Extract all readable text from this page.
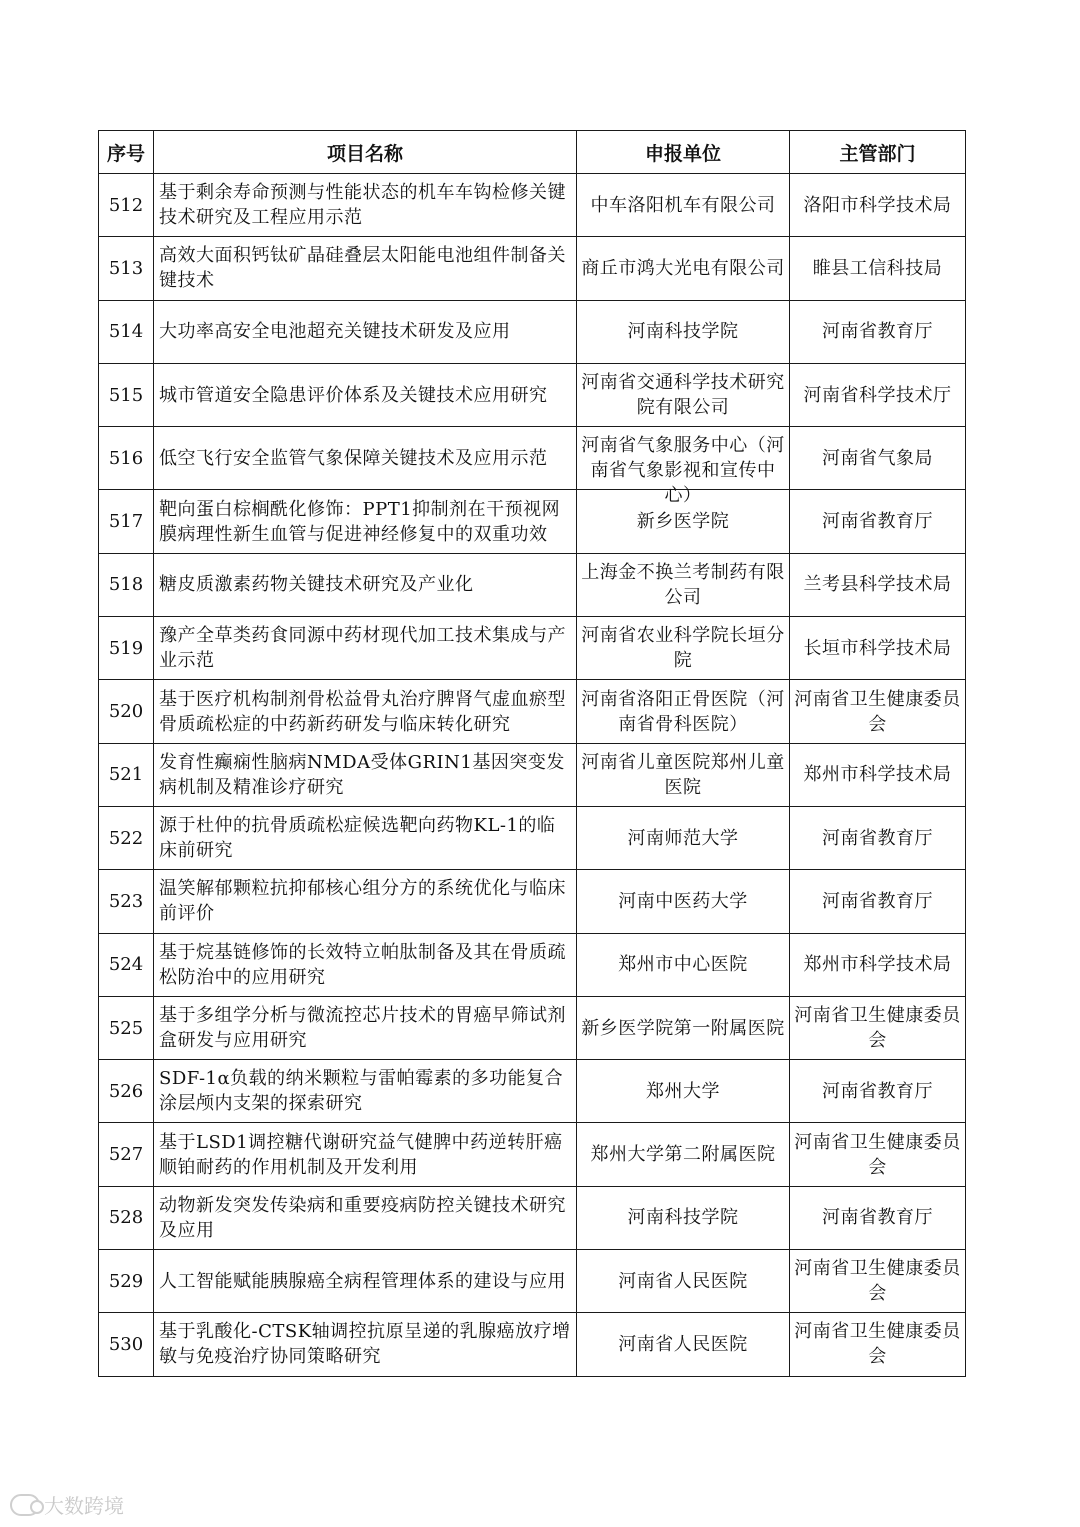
序号	项目名称	申报单位	主管部门
512	基于剩余寿命预测与性能状态的机车车钩检修关键技术研究及工程应用示范	中车洛阳机车有限公司	洛阳市科学技术局

513	高效大面积钙钛矿晶硅叠层太阳能电池组件制备关键技术	商丘市鸿大光电有限公司	睢县工信科技局

514	大功率高安全电池超充关键技术研发及应用	河南科技学院	河南省教育厅

515	城市管道安全隐患评价体系及关键技术应用研究	河南省交通科学技术研究院有限公司	河南省科学技术厅

516	低空飞行安全监管气象保障关键技术及应用示范	河南省气象服务中心（河南省气象影视和宣传中心）	河南省气象局

517	靶向蛋白棕榈酰化修饰：PPT1抑制剂在干预视网膜病理性新生血管与促进神经修复中的双重功效	新乡医学院	河南省教育厅

518	糖皮质激素药物关键技术研究及产业化	上海金不换兰考制药有限公司	兰考县科学技术局

519	豫产全草类药食同源中药材现代加工技术集成与产业示范	河南省农业科学院长垣分院	长垣市科学技术局

520	基于医疗机构制剂骨松益骨丸治疗脾肾气虚血瘀型骨质疏松症的中药新药研发与临床转化研究	河南省洛阳正骨医院（河南省骨科医院）	河南省卫生健康委员会

521	发育性癫痫性脑病NMDA受体GRIN1基因突变发病机制及精准诊疗研究	河南省儿童医院郑州儿童医院	郑州市科学技术局

522	源于杜仲的抗骨质疏松症候选靶向药物KL-1的临床前研究	河南师范大学	河南省教育厅

523	温笑解郁颗粒抗抑郁核心组分方的系统优化与临床前评价	河南中医药大学	河南省教育厅

524	基于烷基链修饰的长效特立帕肽制备及其在骨质疏松防治中的应用研究	郑州市中心医院	郑州市科学技术局

525	基于多组学分析与微流控芯片技术的胃癌早筛试剂盒研发与应用研究	新乡医学院第一附属医院	河南省卫生健康委员会

526	SDF-1α负载的纳米颗粒与雷帕霉素的多功能复合涂层颅内支架的探索研究	郑州大学	河南省教育厅

527	基于LSD1调控糖代谢研究益气健脾中药逆转肝癌顺铂耐药的作用机制及开发利用	郑州大学第二附属医院	河南省卫生健康委员会

528	动物新发突发传染病和重要疫病防控关键技术研究及应用	河南科技学院	河南省教育厅

529	人工智能赋能胰腺癌全病程管理体系的建设与应用	河南省人民医院	河南省卫生健康委员会

530	基于乳酸化-CTSK轴调控抗原呈递的乳腺癌放疗增敏与免疫治疗协同策略研究	河南省人民医院	河南省卫生健康委员会
大数跨境
